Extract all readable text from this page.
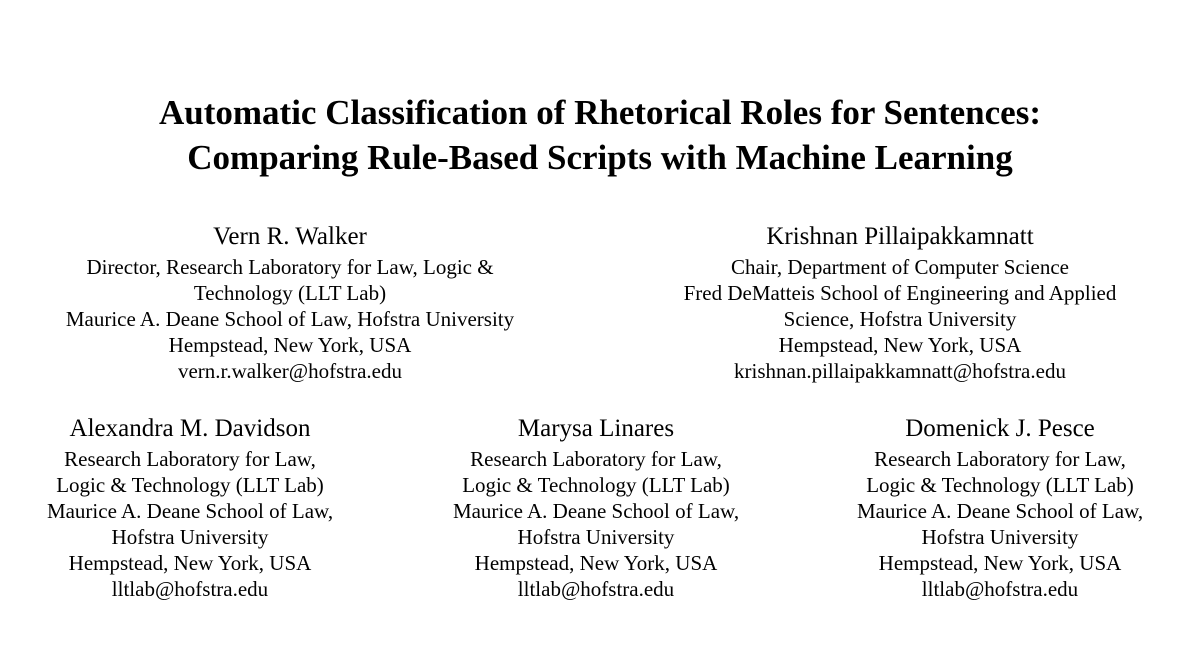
Automatic Classification of Rhetorical Roles for Sentences:
Comparing Rule-Based Scripts with Machine Learning
Vern R. Walker
Director, Research Laboratory for Law, Logic &
Technology (LLT Lab)
Maurice A. Deane School of Law, Hofstra University
Hempstead, New York, USA
vern.r.walker@hofstra.edu
Krishnan Pillaipakkamnatt
Chair, Department of Computer Science
Fred DeMatteis School of Engineering and Applied
Science, Hofstra University
Hempstead, New York, USA
krishnan.pillaipakkamnatt@hofstra.edu
Alexandra M. Davidson
Research Laboratory for Law,
Logic & Technology (LLT Lab)
Maurice A. Deane School of Law,
Hofstra University
Hempstead, New York, USA
lltlab@hofstra.edu
Marysa Linares
Research Laboratory for Law,
Logic & Technology (LLT Lab)
Maurice A. Deane School of Law,
Hofstra University
Hempstead, New York, USA
lltlab@hofstra.edu
Domenick J. Pesce
Research Laboratory for Law,
Logic & Technology (LLT Lab)
Maurice A. Deane School of Law,
Hofstra University
Hempstead, New York, USA
lltlab@hofstra.edu
